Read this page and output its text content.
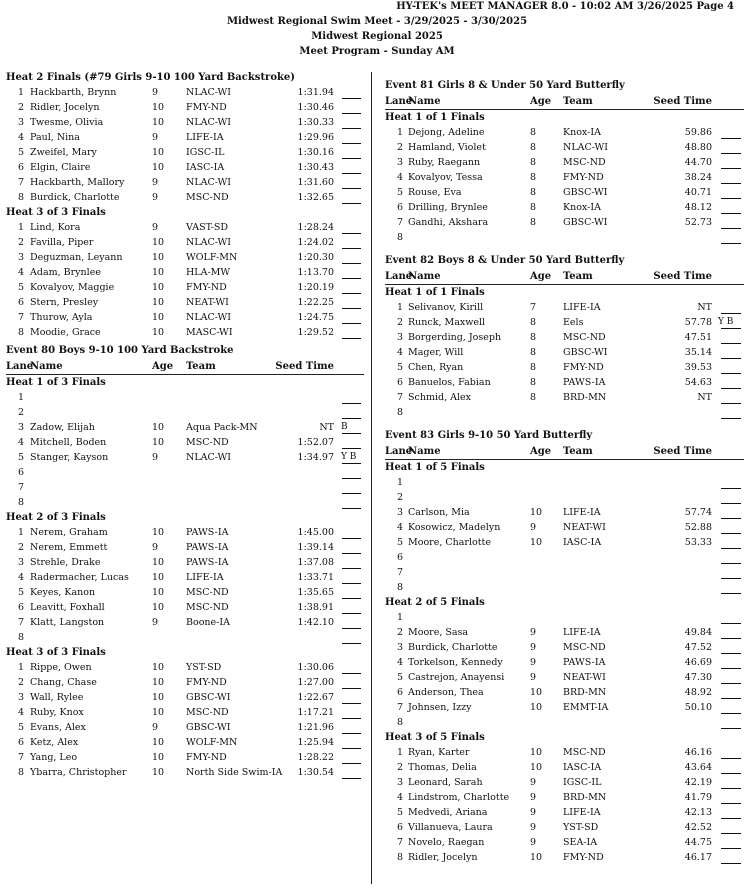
HY-TEK's MEET MANAGER 8.0 - 10:02 AM 3/26/2025 Page 4
Midwest Regional Swim Meet - 3/29/2025 - 3/30/2025
Midwest Regional 2025
Meet Program - Sunday AM
Heat 2 Finals (#79 Girls 9-10 100 Yard Backstroke)
1 Hackbarth, Brynn	9	NLAC-WI	1:31.94
2 Ridler, Jocelyn	10 FMY-ND	1:30.46
3 Twesme, Olivia	10 NLAC-WI	1:30.33
4 Paul, Nina	9	LIFE-IA	1:29.96
5 Zweifel, Mary	10 IGSC-IL	1:30.16
6 Elgin, Claire	10 IASC-IA	1:30.43
7 Hackbarth, Mallory	9	NLAC-WI	1:31.60
8 Burdick, Charlotte	9	MSC-ND	1:32.65
Heat 3 of 3 Finals
1 Lind, Kora	9	VAST-SD	1:28.24
2 Favilla, Piper	10 NLAC-WI	1:24.02
3 Deguzman, Leyann	10 WOLF-MN	1:20.30
4 Adam, Brynlee	10 HLA-MW	1:13.70
5 Kovalyov, Maggie	10 FMY-ND	1:20.19
6 Stern, Presley	10 NEAT-WI	1:22.25
7 Thurow, Ayla	10 NLAC-WI	1:24.75
8 Moodie, Grace	10 MASC-WI	1:29.52
Event 80 Boys 9-10 100 Yard Backstroke
Lane
Name	Age Team	Seed Time
Heat 1 of 3 Finals
1
2
3 Zadow, Elijah	10 Aqua Pack-MN	NT B
4 Mitchell, Boden	10 MSC-ND	1:52.07
5 Stanger, Kayson	9	NLAC-WI	1:34.97 Y B
6
7
8
Heat 2 of 3 Finals
1 Nerem, Graham	10 PAWS-IA	1:45.00
2 Nerem, Emmett	9	PAWS-IA	1:39.14
3 Strehle, Drake	10 PAWS-IA	1:37.08
4 Radermacher, Lucas 10 LIFE-IA	1:33.71
5 Keyes, Kanon	10 MSC-ND	1:35.65
6 Leavitt, Foxhall	10 MSC-ND	1:38.91
7 Klatt, Langston	9	Boone-IA	1:42.10
8
Heat 3 of 3 Finals
1 Rippe, Owen	10 YST-SD	1:30.06
2 Chang, Chase	10 FMY-ND	1:27.00
3 Wall, Rylee	10 GBSC-WI	1:22.67
4 Ruby, Knox	10 MSC-ND	1:17.21
5 Evans, Alex	9	GBSC-WI	1:21.96
6 Ketz, Alex	10 WOLF-MN	1:25.94
7 Yang, Leo	10 FMY-ND	1:28.22
8 Ybarra, Christopher	10 North Side Swim-IA	1:30.54
Event 81 Girls 8 & Under 50 Yard Butterfly
Lane
Name	Age Team	Seed Time
Heat 1 of 1 Finals
1 Dejong, Adeline	8	Knox-IA	59.86
2 Hamland, Violet	8	NLAC-WI	48.80
3 Ruby, Raegann	8	MSC-ND	44.70
4 Kovalyov, Tessa	8	FMY-ND	38.24
5 Rouse, Eva	8	GBSC-WI	40.71
6 Drilling, Brynlee	8	Knox-IA	48.12
7 Gandhi, Akshara	8	GBSC-WI	52.73
8
Event 82 Boys 8 & Under 50 Yard Butterfly
Lane
Name	Age Team	Seed Time
Heat 1 of 1 Finals
1 Selivanov, Kirill	7	LIFE-IA	NT
2 Runck, Maxwell	8	Eels	57.78 Y B
3 Borgerding, Joseph	8	MSC-ND	47.51
4 Mager, Will	8	GBSC-WI	35.14
5 Chen, Ryan	8	FMY-ND	39.53
6 Banuelos, Fabian	8	PAWS-IA	54.63
7 Schmid, Alex	8	BRD-MN	NT
8
Event 83 Girls 9-10 50 Yard Butterfly
Lane
Name	Age Team	Seed Time
Heat 1 of 5 Finals
1
2
3 Carlson, Mia	10 LIFE-IA	57.74
4 Kosowicz, Madelyn	9	NEAT-WI	52.88
5 Moore, Charlotte	10 IASC-IA	53.33
6
7
8
Heat 2 of 5 Finals
1
2 Moore, Sasa	9	LIFE-IA	49.84
3 Burdick, Charlotte	9	MSC-ND	47.52
4 Torkelson, Kennedy	9	PAWS-IA	46.69
5 Castrejon, Anayensi	9	NEAT-WI	47.30
6 Anderson, Thea	10 BRD-MN	48.92
7 Johnsen, Izzy	10 EMMT-IA	50.10
8
Heat 3 of 5 Finals
1 Ryan, Karter	10 MSC-ND	46.16
2 Thomas, Delia	10 IASC-IA	43.64
3 Leonard, Sarah	9	IGSC-IL	42.19
4 Lindstrom, Charlotte 9	BRD-MN	41.79
5 Medvedi, Ariana	9	LIFE-IA	42.13
6 Villanueva, Laura	9	YST-SD	42.52
7 Novelo, Raegan	9	SEA-IA	44.75
8 Ridler, Jocelyn	10 FMY-ND	46.17
